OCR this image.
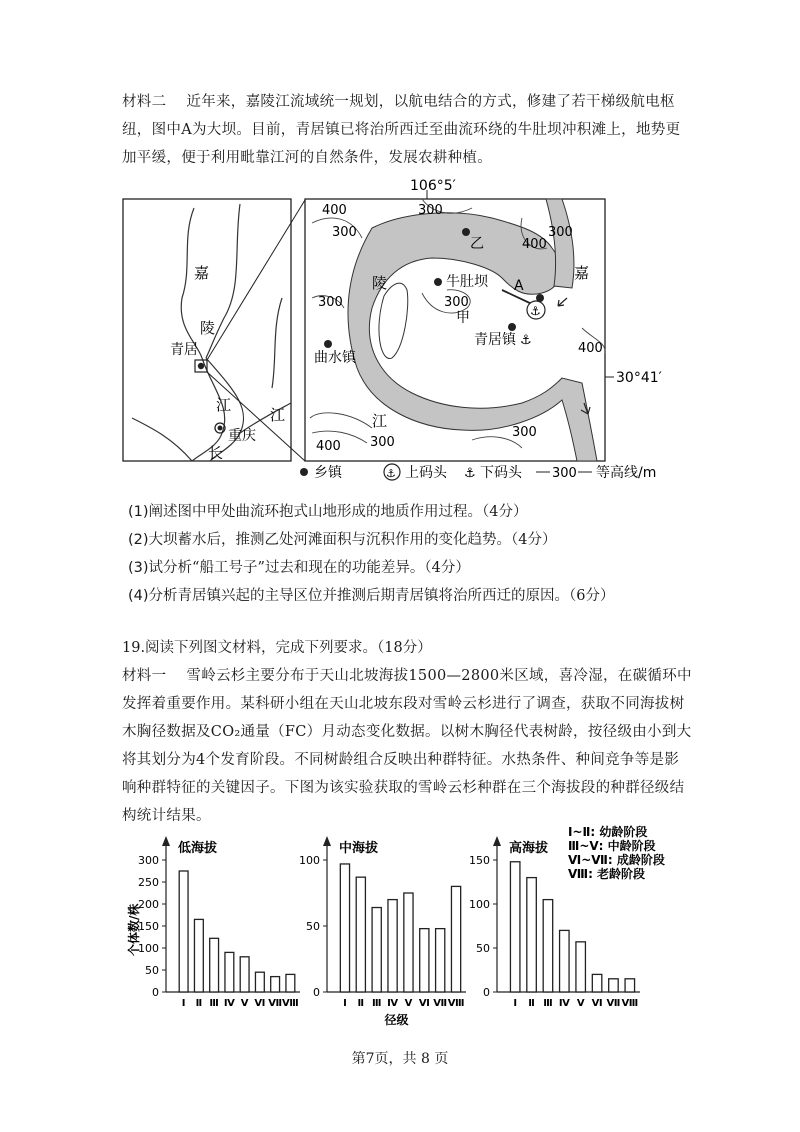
材料二 近年来，嘉陵江流域统一规划，以航电结合的方式，修建了若干梯级航电枢纽，图中A为大坝。目前，青居镇已将治所西迁至曲流环绕的牛肚坝冲积滩上，地势更加平缓，便于利用毗靠江河的自然条件，发展农耕种植。

嘉
陵
青居
江
江
重庆
长
106°5′
30°41′
400	300
300
400
300
300
400
400 300
300
嘉
陵
江
乙
牛肚坝
300
甲
曲水镇
青居镇
A
⚓
⚓
乡镇	⚓ 上码头 ⚓ 下码头 300 等高线/m

(1)阐述图中甲处曲流环抱式山地形成的地质作用过程。（4分）

(2)大坝蓄水后，推测乙处河滩面积与沉积作用的变化趋势。（4分）

(3)试分析“船工号子”过去和现在的功能差异。（4分）

(4)分析青居镇兴起的主导区位并推测后期青居镇将治所西迁的原因。（6分）

19.阅读下列图文材料，完成下列要求。（18分）

材料一 雪岭云杉主要分布于天山北坡海拔1500—2800米区域，喜冷湿，在碳循环中发挥着重要作用。某科研小组在天山北坡东段对雪岭云杉进行了调查，获取不同海拔树木胸径数据及CO₂通量（FC）月动态变化数据。以树木胸径代表树龄，按径级由小到大将其划分为4个发育阶段。不同树龄组合反映出种群特征。水热条件、种间竞争等是影响种群特征的关键因子。下图为该实验获取的雪岭云杉种群在三个海拔段的种群径级结构统计结果。

0
50
100
150
200
250
300
低海拔
Ⅰ Ⅱ Ⅲ Ⅳ Ⅴ Ⅵ Ⅶ Ⅷ
个体数/株
0
50
100
中海拔
Ⅰ Ⅱ Ⅲ Ⅳ Ⅴ Ⅵ Ⅶ Ⅷ
径级
0
50
100
150
高海拔
Ⅰ Ⅱ Ⅲ Ⅳ Ⅴ Ⅵ Ⅶ Ⅷ
Ⅰ~Ⅱ: 幼龄阶段
Ⅲ~Ⅴ: 中龄阶段
Ⅵ~Ⅶ: 成龄阶段
Ⅷ: 老龄阶段
第7页，共 8 页
